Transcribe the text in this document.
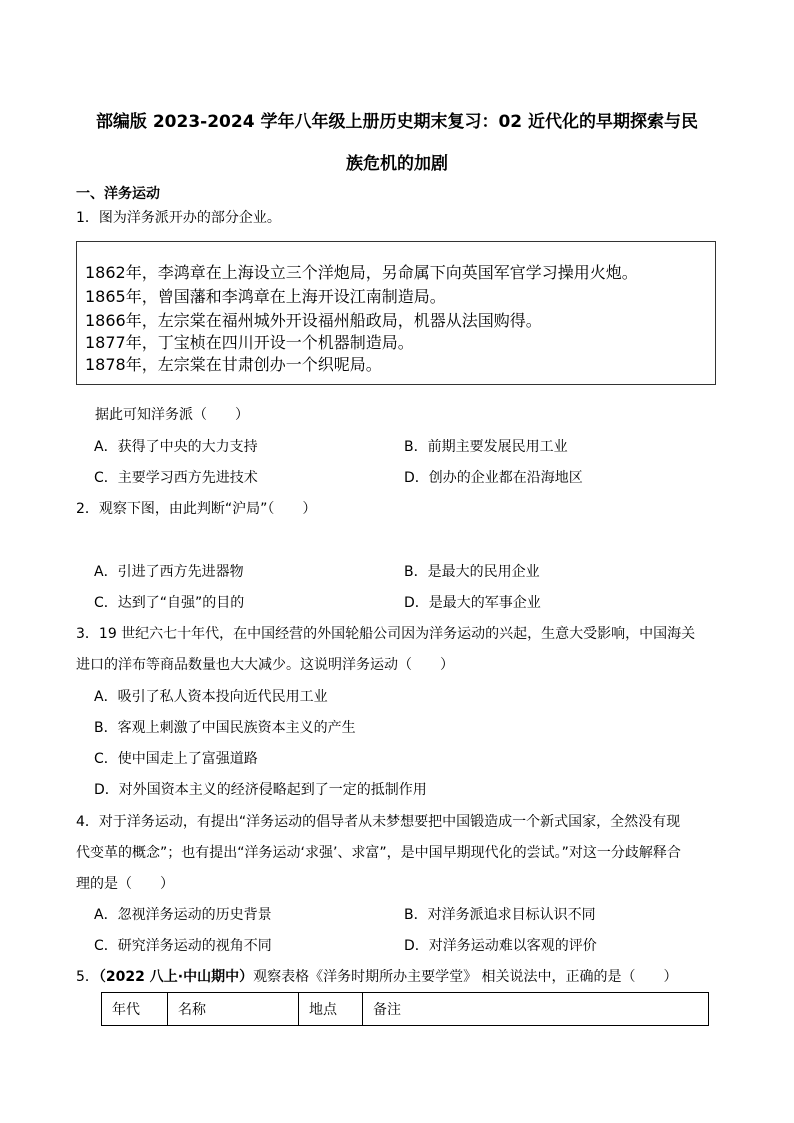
部编版 2023-2024 学年八年级上册历史期末复习：02 近代化的早期探索与民
族危机的加剧
一、洋务运动
1．图为洋务派开办的部分企业。
1862年，李鸿章在上海设立三个洋炮局，另命属下向英国军官学习操用火炮。
1865年，曾国藩和李鸿章在上海开设江南制造局。
1866年，左宗棠在福州城外开设福州船政局，机器从法国购得。
1877年，丁宝桢在四川开设一个机器制造局。
1878年，左宗棠在甘肃创办一个织呢局。
据此可知洋务派（　　）
A．获得了中央的大力支持	B．前期主要发展民用工业
C．主要学习西方先进技术	D．创办的企业都在沿海地区
2．观察下图，由此判断“沪局”（　　）
A．引进了西方先进器物	B．是最大的民用企业
C．达到了“自强”的目的	D．是最大的军事企业
3．19 世纪六七十年代，在中国经营的外国轮船公司因为洋务运动的兴起，生意大受影响，中国海关
进口的洋布等商品数量也大大减少。这说明洋务运动（　　）
A．吸引了私人资本投向近代民用工业
B．客观上刺激了中国民族资本主义的产生
C．使中国走上了富强道路
D．对外国资本主义的经济侵略起到了一定的抵制作用
4．对于洋务运动，有提出“洋务运动的倡导者从未梦想要把中国锻造成一个新式国家，全然没有现
代变革的概念”；也有提出“洋务运动‘求强’、求富”，是中国早期现代化的尝试。”对这一分歧解释合
理的是（　　）
A．忽视洋务运动的历史背景	B．对洋务派追求目标认识不同
C．研究洋务运动的视角不同	D．对洋务运动难以客观的评价
5．（2022 八上·中山期中）观察表格《洋务时期所办主要学堂》 相关说法中，正确的是（　　）
年代	名称	地点	备注
